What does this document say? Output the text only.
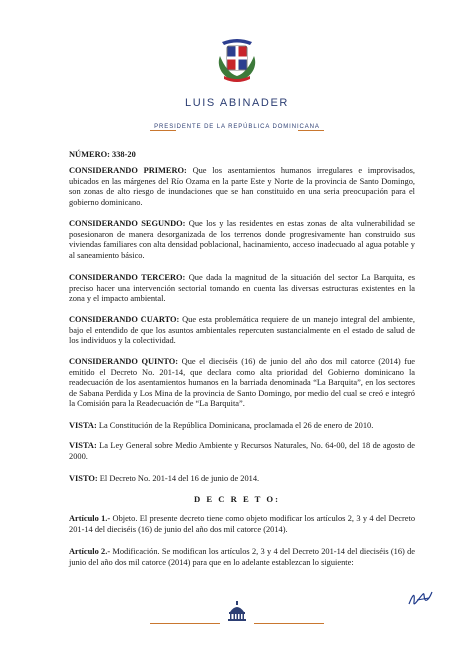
LUIS ABINADER
PRESIDENTE DE LA REPÚBLICA DOMINICANA
NÚMERO: 338-20

CONSIDERANDO PRIMERO: Que los asentamientos humanos irregulares e improvisados, ubicados en las márgenes del Río Ozama en la parte Este y Norte de la provincia de Santo Domingo, son zonas de alto riesgo de inundaciones que se han constituido en una seria preocupación para el gobierno dominicano.

CONSIDERANDO SEGUNDO: Que los y las residentes en estas zonas de alta vulnerabilidad se posesionaron de manera desorganizada de los terrenos donde progresivamente han construido sus viviendas familiares con alta densidad poblacional, hacinamiento, acceso inadecuado al agua potable y al saneamiento básico.

CONSIDERANDO TERCERO: Que dada la magnitud de la situación del sector La Barquita, es preciso hacer una intervención sectorial tomando en cuenta las diversas estructuras existentes en la zona y el impacto ambiental.

CONSIDERANDO CUARTO: Que esta problemática requiere de un manejo integral del ambiente, bajo el entendido de que los asuntos ambientales repercuten sustancialmente en el estado de salud de los individuos y la colectividad.

CONSIDERANDO QUINTO: Que el dieciséis (16) de junio del año dos mil catorce (2014) fue emitido el Decreto No. 201-14, que declara como alta prioridad del Gobierno dominicano la readecuación de los asentamientos humanos en la barriada denominada “La Barquita”, en los sectores de Sabana Perdida y Los Mina de la provincia de Santo Domingo, por medio del cual se creó e integró la Comisión para la Readecuación de “La Barquita”.

VISTA: La Constitución de la República Dominicana, proclamada el 26 de enero de 2010.

VISTA: La Ley General sobre Medio Ambiente y Recursos Naturales, No. 64-00, del 18 de agosto de 2000.

VISTO: El Decreto No. 201-14 del 16 de junio de 2014.

D E C R E T O:

Artículo 1.- Objeto. El presente decreto tiene como objeto modificar los artículos 2, 3 y 4 del Decreto 201-14 del dieciséis (16) de junio del año dos mil catorce (2014).

Artículo 2.- Modificación. Se modifican los artículos 2, 3 y 4 del Decreto 201-14 del dieciséis (16) de junio del año dos mil catorce (2014) para que en lo adelante establezcan lo siguiente:
